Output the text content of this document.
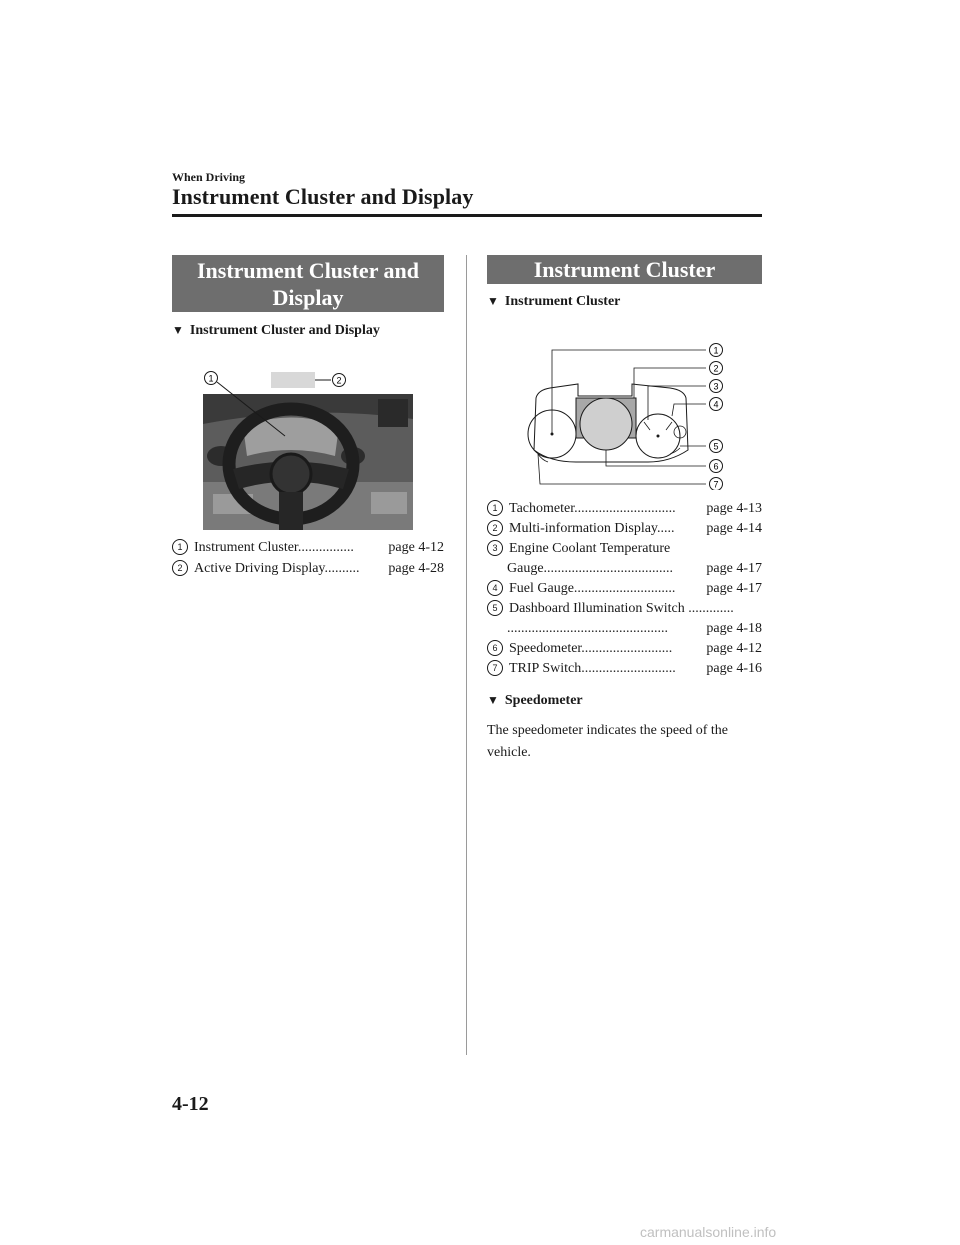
When Driving
Instrument Cluster and Display
Instrument Cluster and
Display
▼ Instrument Cluster and Display
1	2
1 Instrument Cluster................ page 4-12
2 Active Driving Display.......... page 4-28
Instrument Cluster
▼ Instrument Cluster
1
2
3
4
5
6
7
1 Tachometer............................. page 4-13
2 Multi-information Display..... page 4-14
3 Engine Coolant Temperature
Gauge..................................... page 4-17
4 Fuel Gauge............................. page 4-17
5 Dashboard Illumination Switch .............
..............................................	page 4-18
6 Speedometer.......................... page 4-12
7 TRIP Switch........................... page 4-16
▼ Speedometer
The speedometer indicates the speed of the
vehicle.
4-12
carmanualsonline.info
